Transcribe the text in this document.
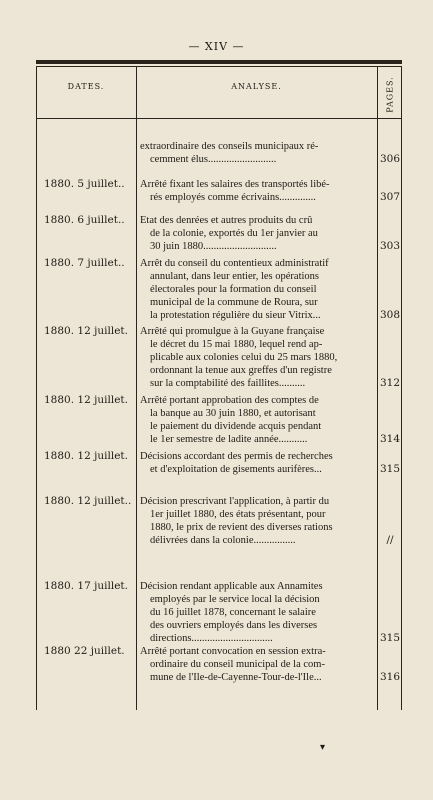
— XIV —
DATES.	ANALYSE.	PAGES.
extraordinaire des conseils municipaux ré-
cemment élus..........................	306
1880. 5 juillet..	Arrêté fixant les salaires des transportés libé-
rés employés comme écrivains..............	307
1880. 6 juillet..	Etat des denrées et autres produits du crû
de la colonie, exportés du 1er janvier au
30 juin 1880............................	303
1880. 7 juillet..	Arrêt du conseil du contentieux administratif
annulant, dans leur entier, les opérations
électorales pour la formation du conseil
municipal de la commune de Roura, sur
la protestation régulière du sieur Vitrix...	308
1880. 12 juillet.	Arrêté qui promulgue à la Guyane française
le décret du 15 mai 1880, lequel rend ap-
plicable aux colonies celui du 25 mars 1880,
ordonnant la tenue aux greffes d'un registre
sur la comptabilité des faillites..........	312
1880. 12 juillet.	Arrêté portant approbation des comptes de
la banque au 30 juin 1880, et autorisant
le paiement du dividende acquis pendant
le 1er semestre de ladite année...........	314
1880. 12 juillet.	Décisions accordant des permis de recherches
et d'exploitation de gisements aurifères...	315
1880. 12 juillet.. Décision prescrivant l'application, à partir du
1er juillet 1880, des états présentant, pour
1880, le prix de revient des diverses rations
délivrées dans la colonie................	//
1880. 17 juillet.	Décision rendant applicable aux Annamites
employés par le service local la décision
du 16 juillet 1878, concernant le salaire
des ouvriers employés dans les diverses
directions...............................	315
1880 22 juillet.	Arrêté portant convocation en session extra-
ordinaire du conseil municipal de la com-
mune de l'Ile-de-Cayenne-Tour-de-l'Ile...	316
▾
